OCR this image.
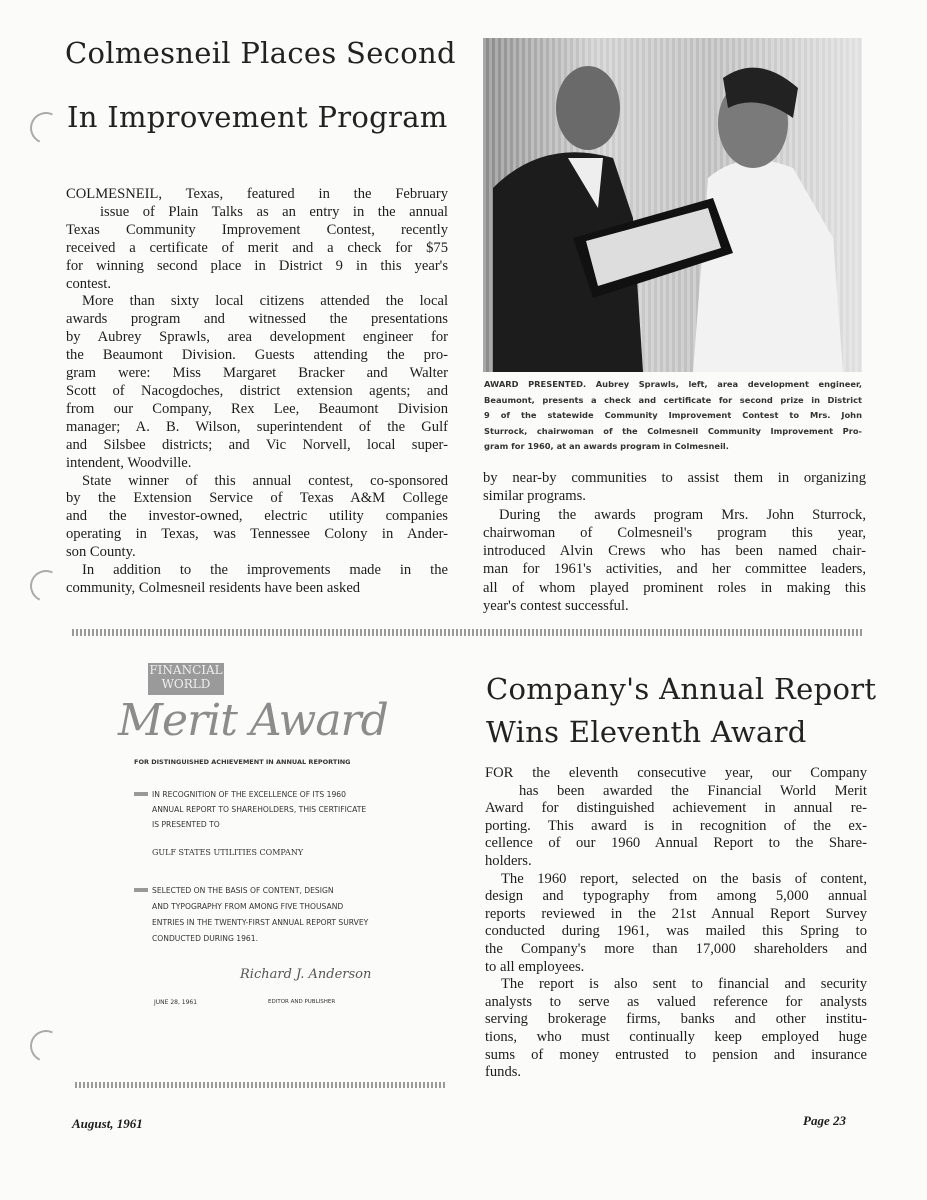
Colmesneil Places Second
In Improvement Program
COLMESNEIL, Texas, featured in the February
issue of Plain Talks as an entry in the annual
Texas Community Improvement Contest, recently
received a certificate of merit and a check for $75
for winning second place in District 9 in this year's
contest.
More than sixty local citizens attended the local
awards program and witnessed the presentations
by Aubrey Sprawls, area development engineer for
the Beaumont Division. Guests attending the pro-
gram were: Miss Margaret Bracker and Walter
Scott of Nacogdoches, district extension agents; and
from our Company, Rex Lee, Beaumont Division
manager; A. B. Wilson, superintendent of the Gulf
and Silsbee districts; and Vic Norvell, local super-
intendent, Woodville.
State winner of this annual contest, co-sponsored
by the Extension Service of Texas A&M College
and the investor-owned, electric utility companies
operating in Texas, was Tennessee Colony in Ander-
son County.
In addition to the improvements made in the
community, Colmesneil residents have been asked
AWARD PRESENTED. Aubrey Sprawls, left, area development engineer,
Beaumont, presents a check and certificate for second prize in District
9 of the statewide Community Improvement Contest to Mrs. John
Sturrock, chairwoman of the Colmesneil Community Improvement Pro-
gram for 1960, at an awards program in Colmesneil.
by near-by communities to assist them in organizing
similar programs.
During the awards program Mrs. John Sturrock,
chairwoman of Colmesneil's program this year,
introduced Alvin Crews who has been named chair-
man for 1961's activities, and her committee leaders,
all of whom played prominent roles in making this
year's contest successful.
FINANCIAL
WORLD
Merit Award
FOR DISTINGUISHED ACHIEVEMENT IN ANNUAL REPORTING
IN RECOGNITION OF THE EXCELLENCE OF ITS 1960
ANNUAL REPORT TO SHAREHOLDERS, THIS CERTIFICATE
IS PRESENTED TO
GULF STATES UTILITIES COMPANY
SELECTED ON THE BASIS OF CONTENT, DESIGN
AND TYPOGRAPHY FROM AMONG FIVE THOUSAND
ENTRIES IN THE TWENTY-FIRST ANNUAL REPORT SURVEY
CONDUCTED DURING 1961.
Richard J. Anderson
JUNE 28, 1961	EDITOR AND PUBLISHER
Company's Annual Report
Wins Eleventh Award
FOR the eleventh consecutive year, our Company
has been awarded the Financial World Merit
Award for distinguished achievement in annual re-
porting. This award is in recognition of the ex-
cellence of our 1960 Annual Report to the Share-
holders.
The 1960 report, selected on the basis of content,
design and typography from among 5,000 annual
reports reviewed in the 21st Annual Report Survey
conducted during 1961, was mailed this Spring to
the Company's more than 17,000 shareholders and
to all employees.
The report is also sent to financial and security
analysts to serve as valued reference for analysts
serving brokerage firms, banks and other institu-
tions, who must continually keep employed huge
sums of money entrusted to pension and insurance
funds.
August, 1961	Page 23
